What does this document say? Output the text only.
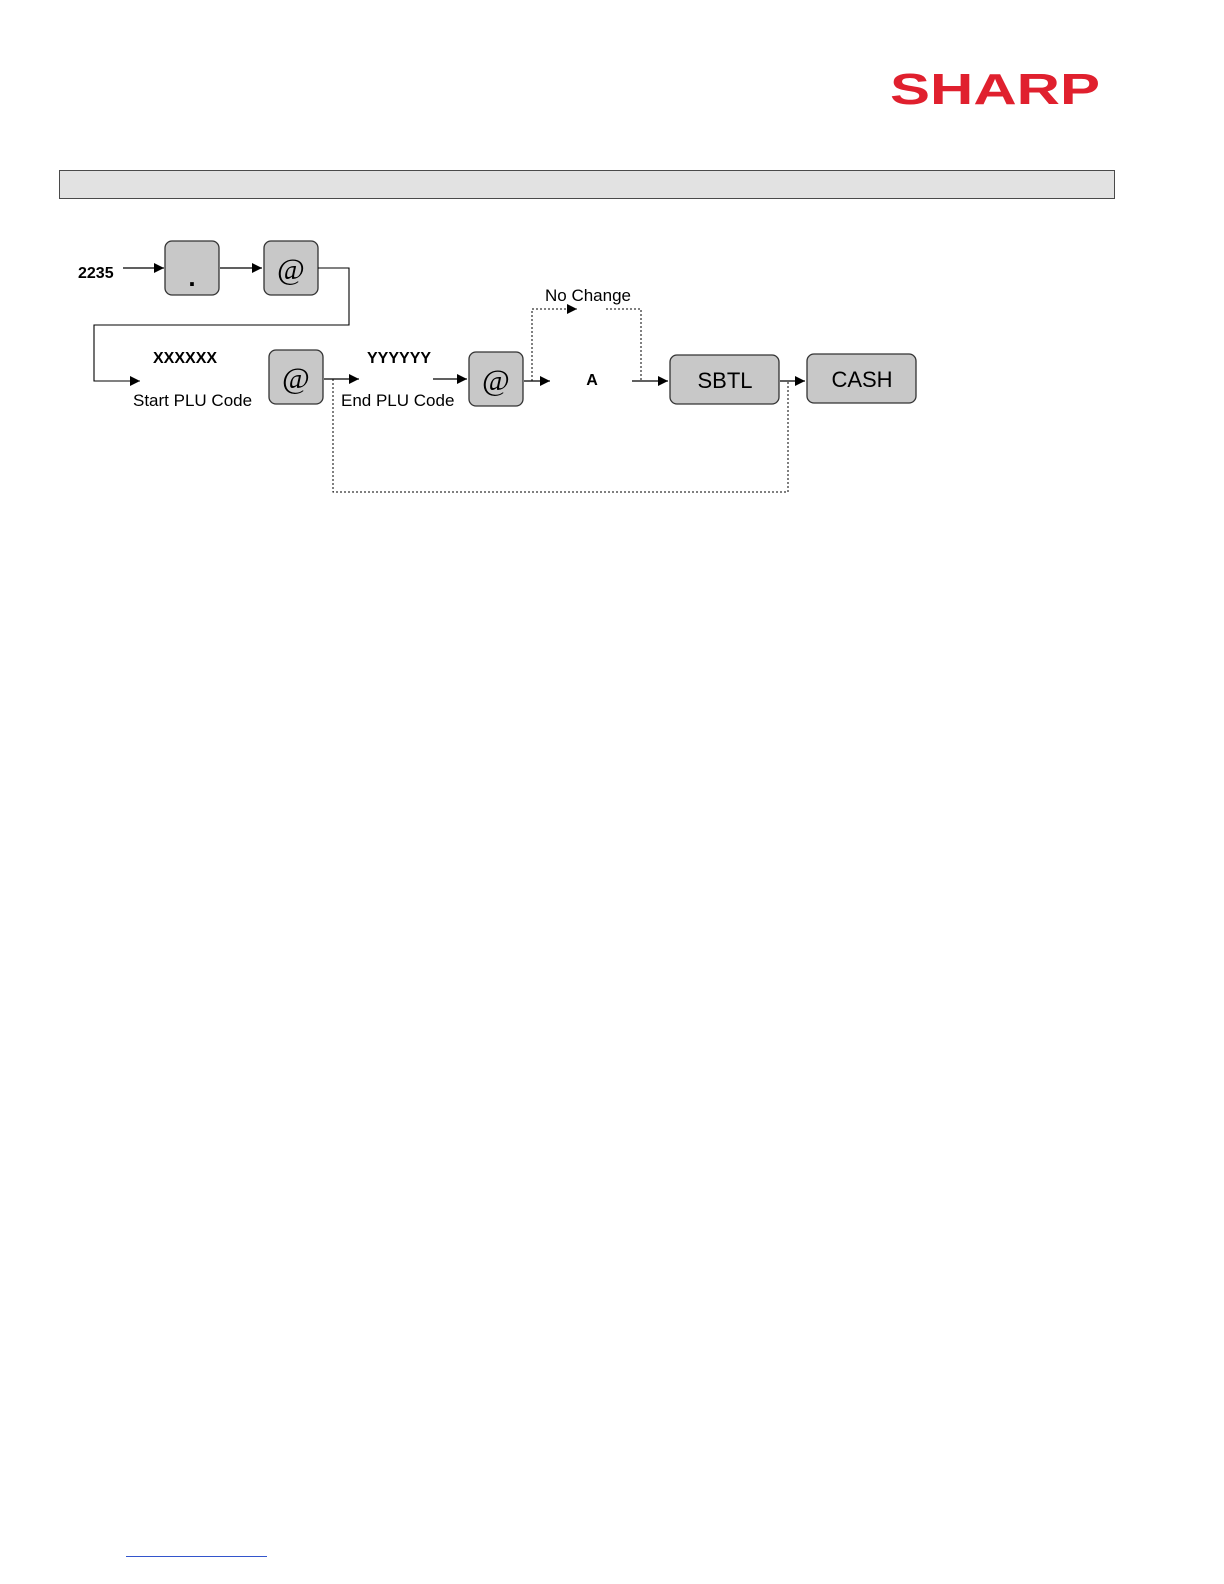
SHARP
2235	.	@
XXXXXX
Start PLU Code
@
YYYYYY
End PLU Code
@	A
No Change
SBTL	CASH
